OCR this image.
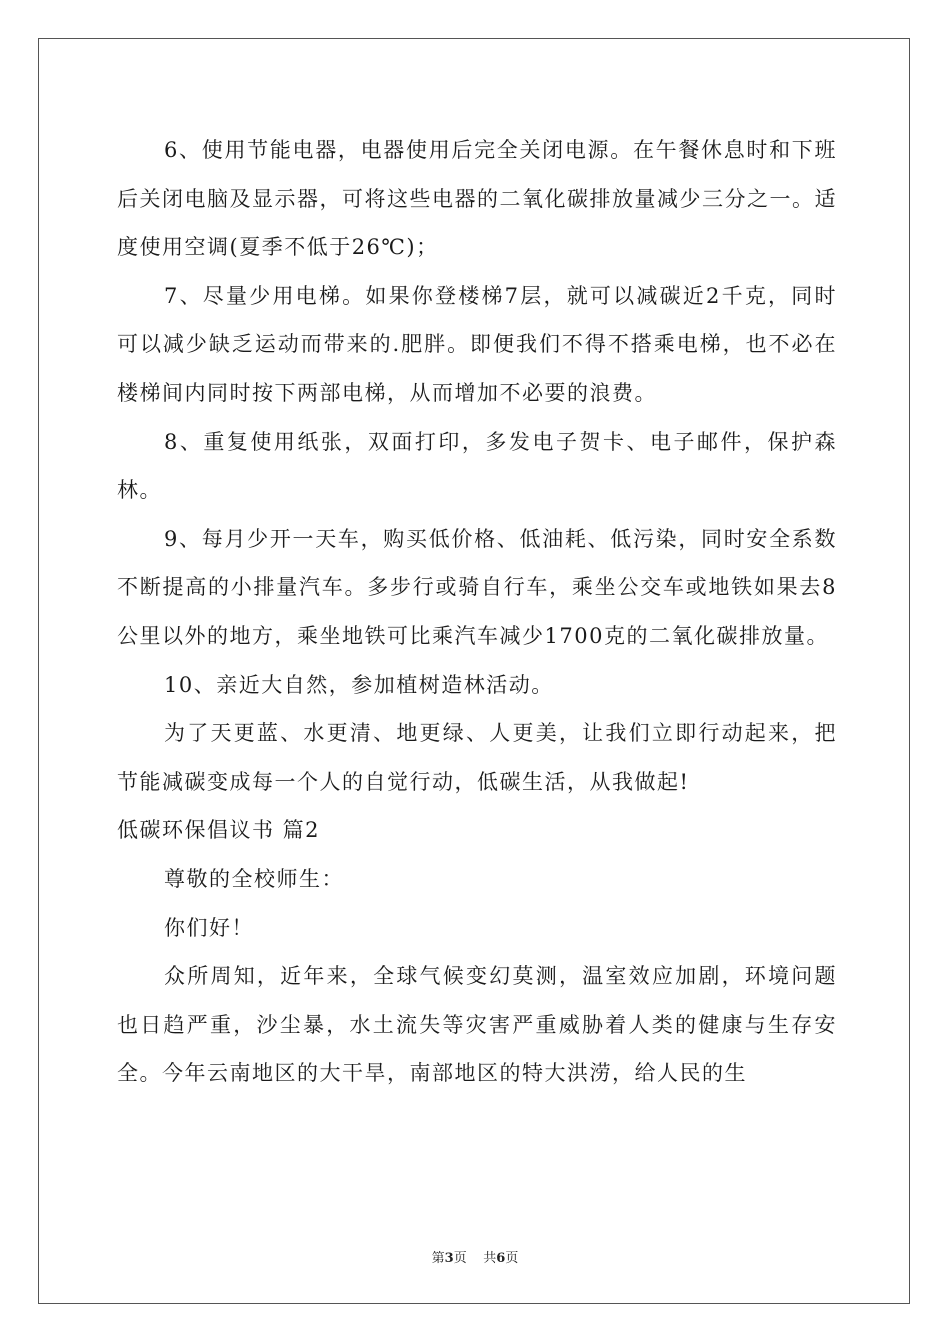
6、使用节能电器，电器使用后完全关闭电源。在午餐休息时和下班后关闭电脑及显示器，可将这些电器的二氧化碳排放量减少三分之一。适度使用空调(夏季不低于26℃)；

7、尽量少用电梯。如果你登楼梯7层，就可以减碳近2千克，同时可以减少缺乏运动而带来的.肥胖。即便我们不得不搭乘电梯，也不必在楼梯间内同时按下两部电梯，从而增加不必要的浪费。

8、重复使用纸张，双面打印，多发电子贺卡、电子邮件，保护森林。

9、每月少开一天车，购买低价格、低油耗、低污染，同时安全系数不断提高的小排量汽车。多步行或骑自行车，乘坐公交车或地铁如果去8公里以外的地方，乘坐地铁可比乘汽车减少1700克的二氧化碳排放量。

10、亲近大自然，参加植树造林活动。

为了天更蓝、水更清、地更绿、人更美，让我们立即行动起来，把节能减碳变成每一个人的自觉行动，低碳生活，从我做起!

低碳环保倡议书 篇2

尊敬的全校师生：

你们好！

众所周知，近年来，全球气候变幻莫测，温室效应加剧，环境问题也日趋严重，沙尘暴，水土流失等灾害严重威胁着人类的健康与生存安全。今年云南地区的大干旱，南部地区的特大洪涝，给人民的生

第3页 共6页
